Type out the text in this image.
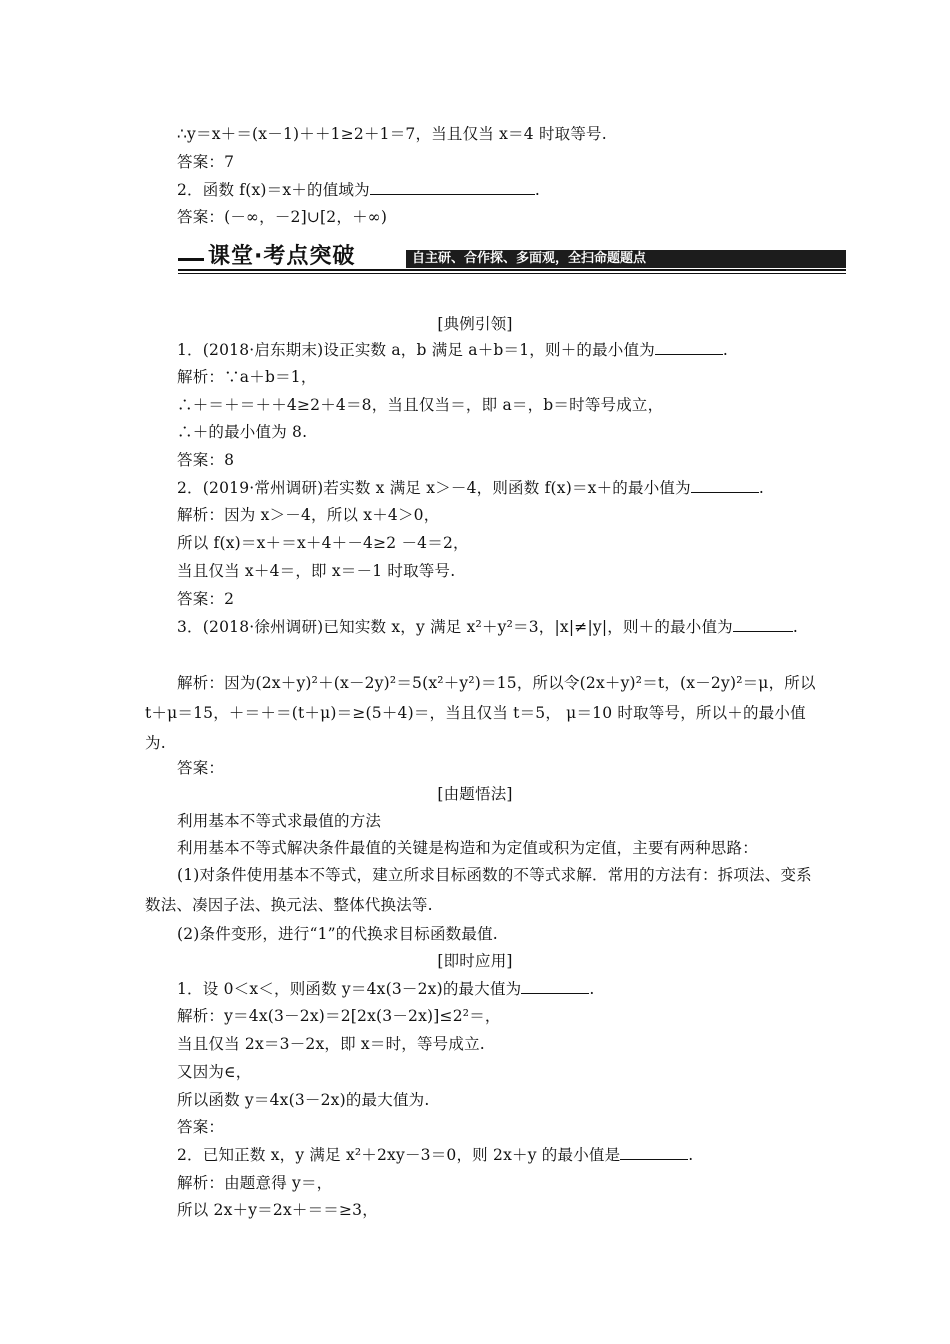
∴y＝x＋＝(x－1)＋＋1≥2＋1＝7，当且仅当 x＝4 时取等号.
答案：7
2．函数 f(x)＝x＋的值域为	.
答案：(－∞，－2]∪[2，＋∞)
课堂·考点突破	自主研、合作探、多面观，全扫命题题点
[典例引领]
1．(2018·启东期末)设正实数 a，b 满足 a＋b＝1，则＋的最小值为	.
解析：∵a＋b＝1，
∴＋＝＋＝＋＋4≥2＋4＝8，当且仅当＝，即 a＝，b＝时等号成立，
∴＋的最小值为 8.
答案：8
2．(2019·常州调研)若实数 x 满足 x＞－4，则函数 f(x)＝x＋的最小值为	.
解析：因为 x＞－4，所以 x＋4＞0，
所以 f(x)＝x＋＝x＋4＋－4≥2 －4＝2，
当且仅当 x＋4＝，即 x＝－1 时取等号.
答案：2
3．(2018·徐州调研)已知实数 x，y 满足 x²＋y²＝3，|x|≠|y|，则＋的最小值为	.
解析：因为(2x＋y)²＋(x－2y)²＝5(x²＋y²)＝15，所以令(2x＋y)²＝t，(x－2y)²＝μ，所以 t＋μ＝15，＋＝＋＝(t＋μ)＝≥(5＋4)＝，当且仅当 t＝5， μ＝10 时取等号，所以＋的最小值为.
答案：
[由题悟法]
利用基本不等式求最值的方法
利用基本不等式解决条件最值的关键是构造和为定值或积为定值，主要有两种思路：
(1)对条件使用基本不等式，建立所求目标函数的不等式求解．常用的方法有：拆项法、变系数法、凑因子法、换元法、整体代换法等.
(2)条件变形，进行“1”的代换求目标函数最值.
[即时应用]
1．设 0＜x＜，则函数 y＝4x(3－2x)的最大值为	.
解析：y＝4x(3－2x)＝2[2x(3－2x)]≤2²＝，
当且仅当 2x＝3－2x，即 x＝时，等号成立.
又因为∈，
所以函数 y＝4x(3－2x)的最大值为.
答案：
2．已知正数 x，y 满足 x²＋2xy－3＝0，则 2x＋y 的最小值是	.
解析：由题意得 y＝，
所以 2x＋y＝2x＋＝＝≥3，
